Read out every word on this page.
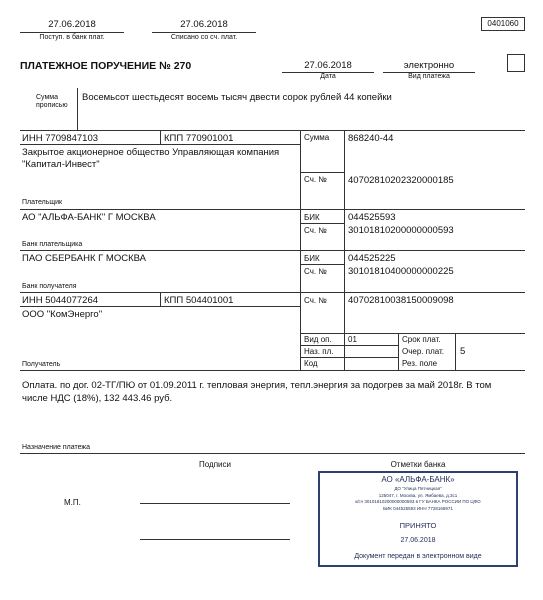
27.06.2018
Поступ. в банк плат.
27.06.2018
Списано со сч. плат.
0401060
ПЛАТЕЖНОЕ ПОРУЧЕНИЕ № 270	27.06.2018
Дата
электронно
Вид платежа
Сумма
прописью
Восемьсот шестьдесят восемь тысяч двести сорок рублей 44 копейки
ИНН 7709847103	КПП 770901001
Закрытое акционерное общество Управляющая компания
"Капитал-Инвест"
Плательщик
Сумма 868240-44
Сч. № 40702810202320000185
АО "АЛЬФА-БАНК" Г МОСКВА
Банк плательщика
БИК	044525593
Сч. № 30101810200000000593
ПАО СБЕРБАНК Г МОСКВА
Банк получателя
БИК	044525225
Сч. № 30101810400000000225
ИНН 5044077264	КПП 504401001
ООО "КомЭнерго"
Получатель
Сч. № 40702810038150009098
Вид оп. 01
Наз. пл.
Код
Срок плат.
Очер. плат. 5
Рез. поле
Оплата. по дог. 02-ТГ/ПЮ от 01.09.2011 г. тепловая энергия, тепл.энергия за подогрев за май 2018г. В том
числе НДС (18%), 132 443.46 руб.
Назначение платежа
Подписи	Отметки банка
М.П.
АО «АЛЬФА-БАНК»
ДО "Улица Пятницкая"
125047, г. Москва, ул. Ямбаева, д.3с1
к/сч 30101810200000000593 в ГУ БАНКА РОССИИ ПО ЦФО
БИК 044525593 ИНН 7728168971
ПРИНЯТО
27.06.2018
Документ передан в электронном виде
